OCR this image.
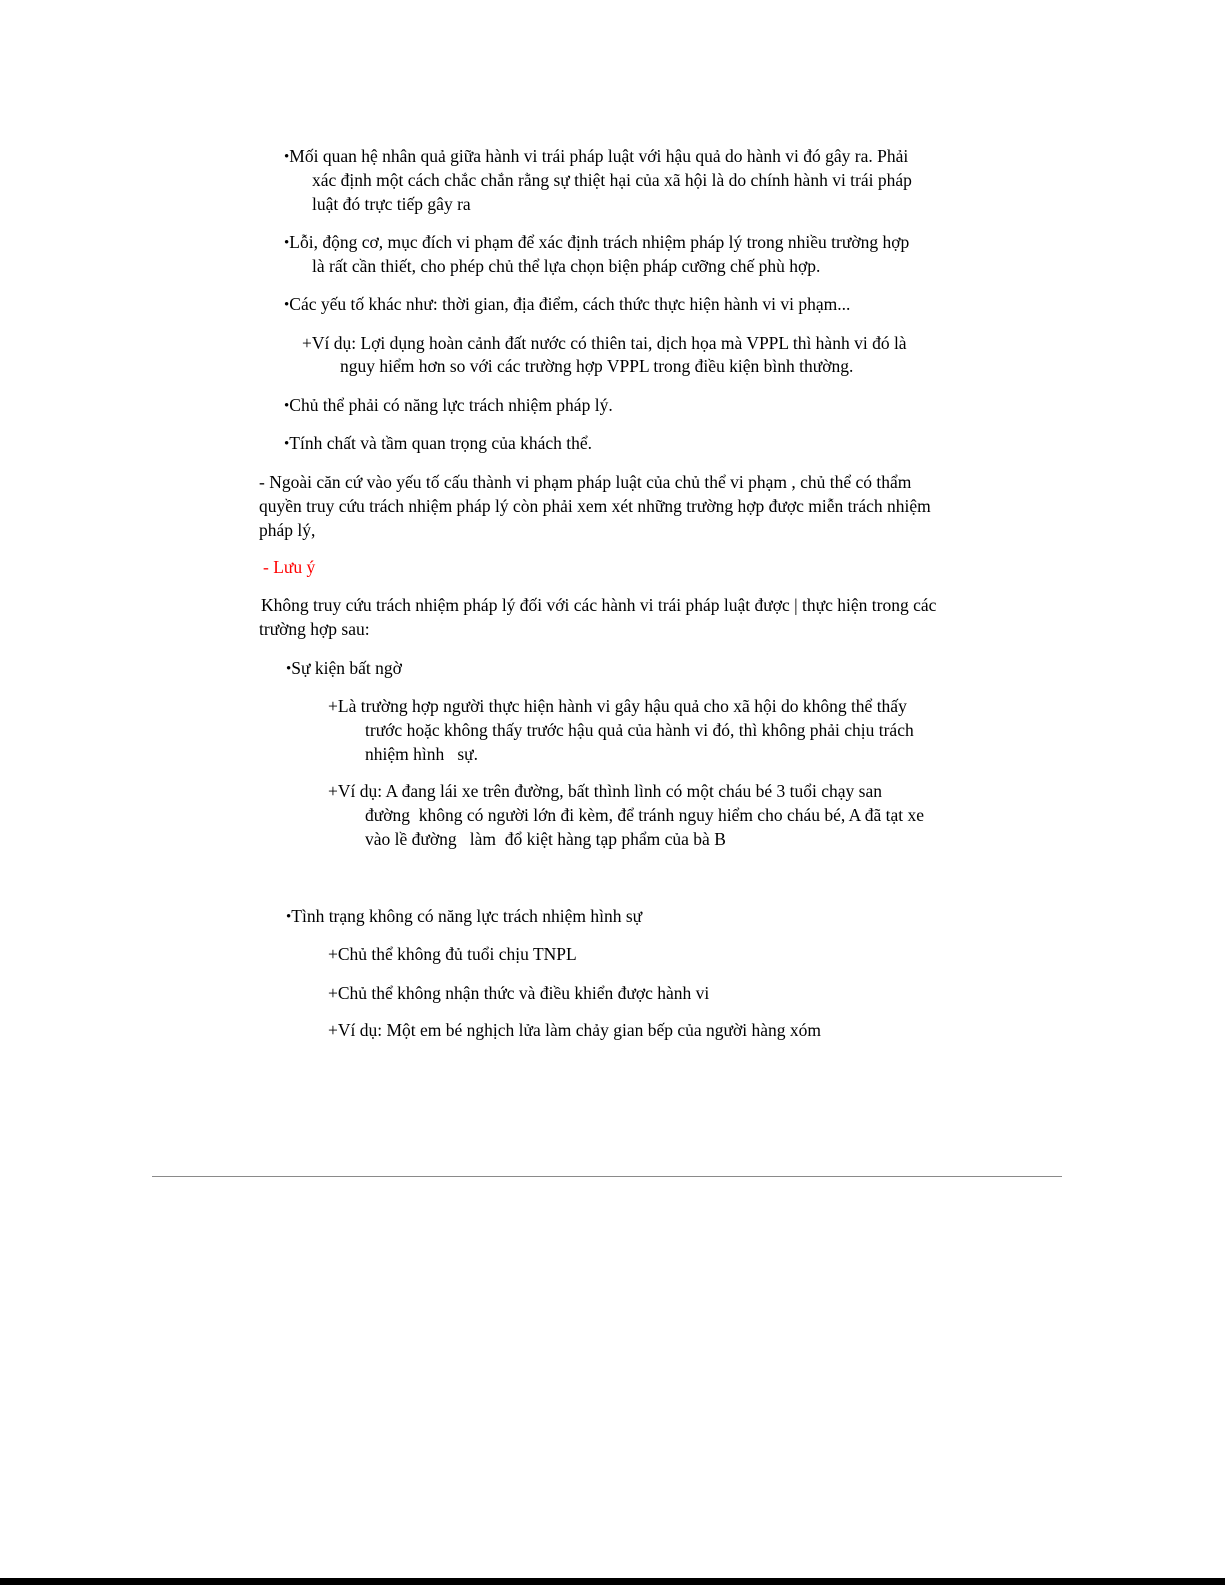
•Mối quan hệ nhân quả giữa hành vi trái pháp luật với hậu quả do hành vi đó gây ra. Phải
xác định một cách chắc chắn rằng sự thiệt hại của xã hội là do chính hành vi trái pháp
luật đó trực tiếp gây ra
•Lỗi, động cơ, mục đích vi phạm để xác định trách nhiệm pháp lý trong nhiều trường hợp
là rất cần thiết, cho phép chủ thể lựa chọn biện pháp cưỡng chế phù hợp.
•Các yếu tố khác như: thời gian, địa điểm, cách thức thực hiện hành vi vi phạm...
+Ví dụ: Lợi dụng hoàn cảnh đất nước có thiên tai, dịch họa mà VPPL thì hành vi đó là
nguy hiểm hơn so với các trường hợp VPPL trong điều kiện bình thường.
•Chủ thể phải có năng lực trách nhiệm pháp lý.
•Tính chất và tầm quan trọng của khách thể.
- Ngoài căn cứ vào yếu tố cấu thành vi phạm pháp luật của chủ thể vi phạm , chủ thể có thẩm
quyền truy cứu trách nhiệm pháp lý còn phải xem xét những trường hợp được miễn trách nhiệm
pháp lý,
- Lưu ý
Không truy cứu trách nhiệm pháp lý đối với các hành vi trái pháp luật được | thực hiện trong các
trường hợp sau:
•Sự kiện bất ngờ
+Là trường hợp người thực hiện hành vi gây hậu quả cho xã hội do không thể thấy
trước hoặc không thấy trước hậu quả của hành vi đó, thì không phải chịu trách
nhiệm hình   sự.
+Ví dụ: A đang lái xe trên đường, bất thình lình có một cháu bé 3 tuổi chạy san
đường  không có người lớn đi kèm, để tránh nguy hiểm cho cháu bé, A đã tạt xe
vào lề đường   làm  đổ kiệt hàng tạp phẩm của bà B
•Tình trạng không có năng lực trách nhiệm hình sự
+Chủ thể không đủ tuổi chịu TNPL
+Chủ thể không nhận thức và điều khiển được hành vi
+Ví dụ: Một em bé nghịch lửa làm chảy gian bếp của người hàng xóm
